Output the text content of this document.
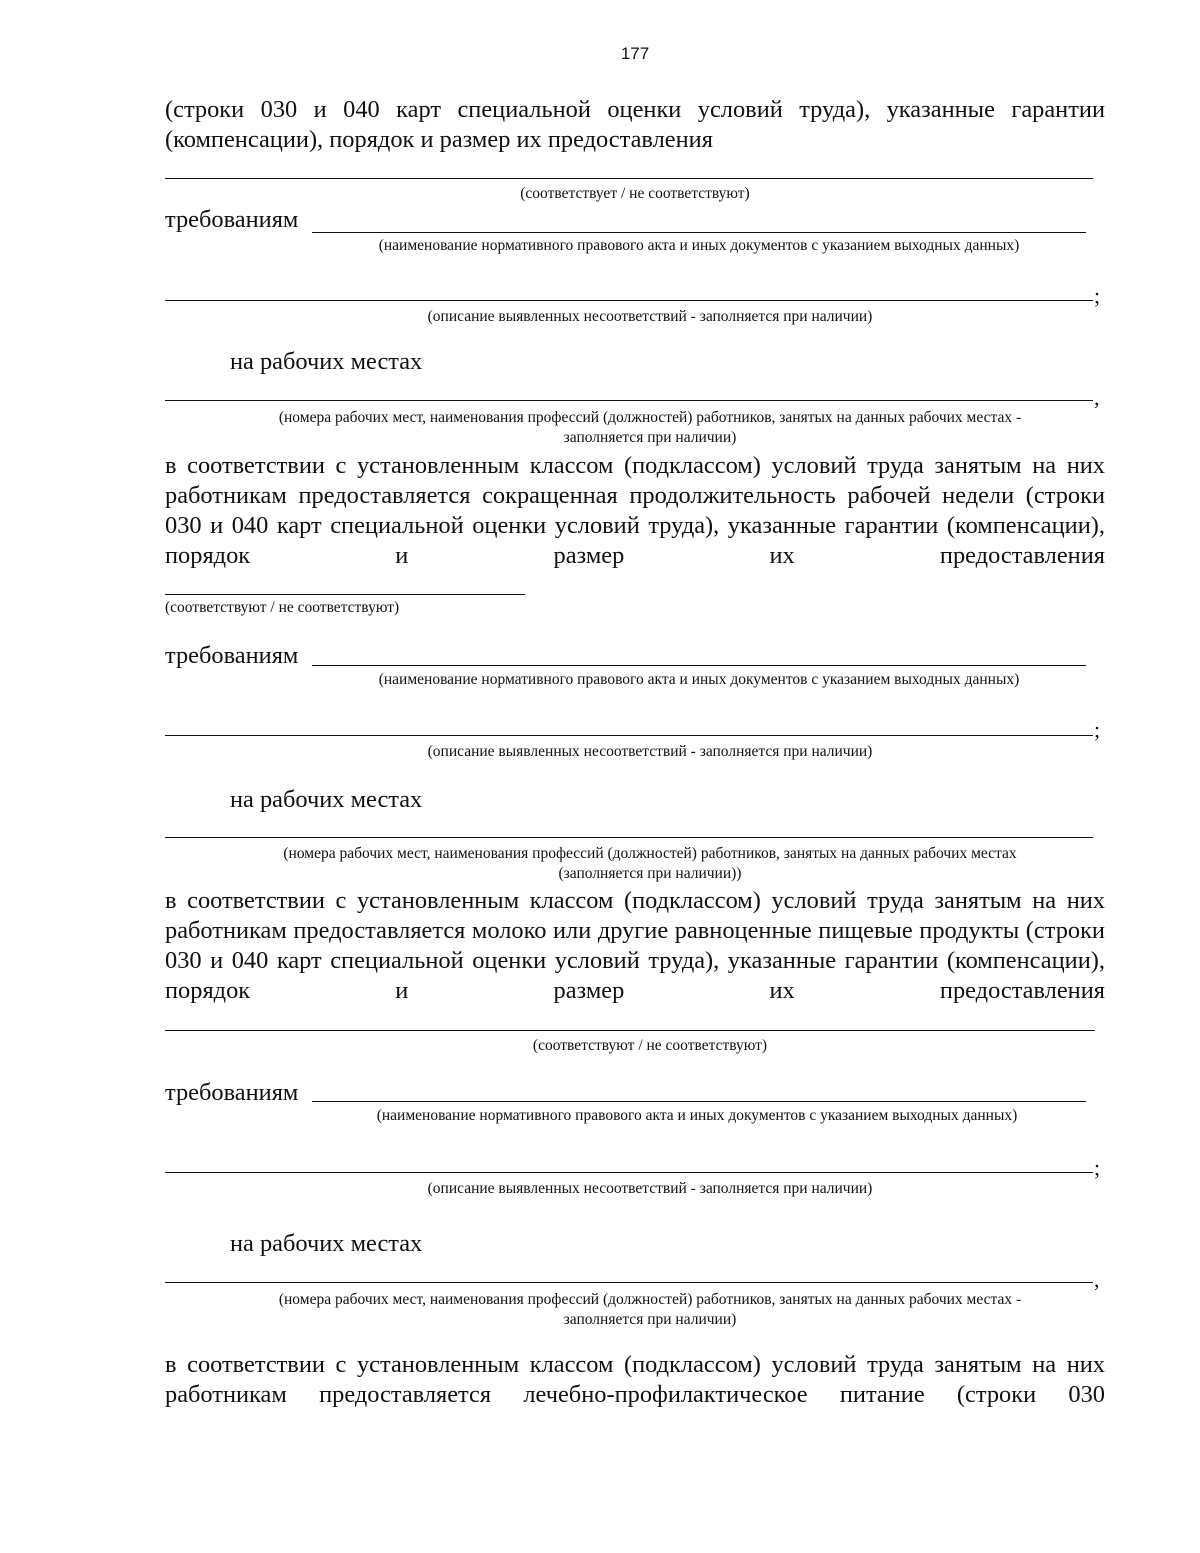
177

(строки 030 и 040 карт специальной оценки условий труда), указанные гарантии (компенсации), порядок и размер их предоставления

(соответствует / не соответствуют)

требованиям

(наименование нормативного правового акта и иных документов с указанием выходных данных)

;

(описание выявленных несоответствий - заполняется при наличии)

на рабочих местах
,

(номера рабочих мест, наименования профессий (должностей) работников, занятых на данных рабочих местах -

заполняется при наличии)

в соответствии с установленным классом (подклассом) условий труда занятым на них работникам предоставляется сокращенная продолжительность рабочей недели (строки 030 и 040 карт специальной оценки условий труда), указанные гарантии (компенсации), порядок и размер их предоставления

(соответствуют / не соответствуют)

требованиям

(наименование нормативного правового акта и иных документов с указанием выходных данных)

;

(описание выявленных несоответствий - заполняется при наличии)

на рабочих местах

(номера рабочих мест, наименования профессий (должностей) работников, занятых на данных рабочих местах

(заполняется при наличии))

в соответствии с установленным классом (подклассом) условий труда занятым на них работникам предоставляется молоко или другие равноценные пищевые продукты (строки 030 и 040 карт специальной оценки условий труда), указанные гарантии (компенсации), порядок и размер их предоставления

(соответствуют / не соответствуют)

требованиям

(наименование нормативного правового акта и иных документов с указанием выходных данных)

;

(описание выявленных несоответствий - заполняется при наличии)

на рабочих местах
,

(номера рабочих мест, наименования профессий (должностей) работников, занятых на данных рабочих местах -

заполняется при наличии)

в соответствии с установленным классом (подклассом) условий труда занятым на них работникам предоставляется лечебно-профилактическое питание (строки 030
